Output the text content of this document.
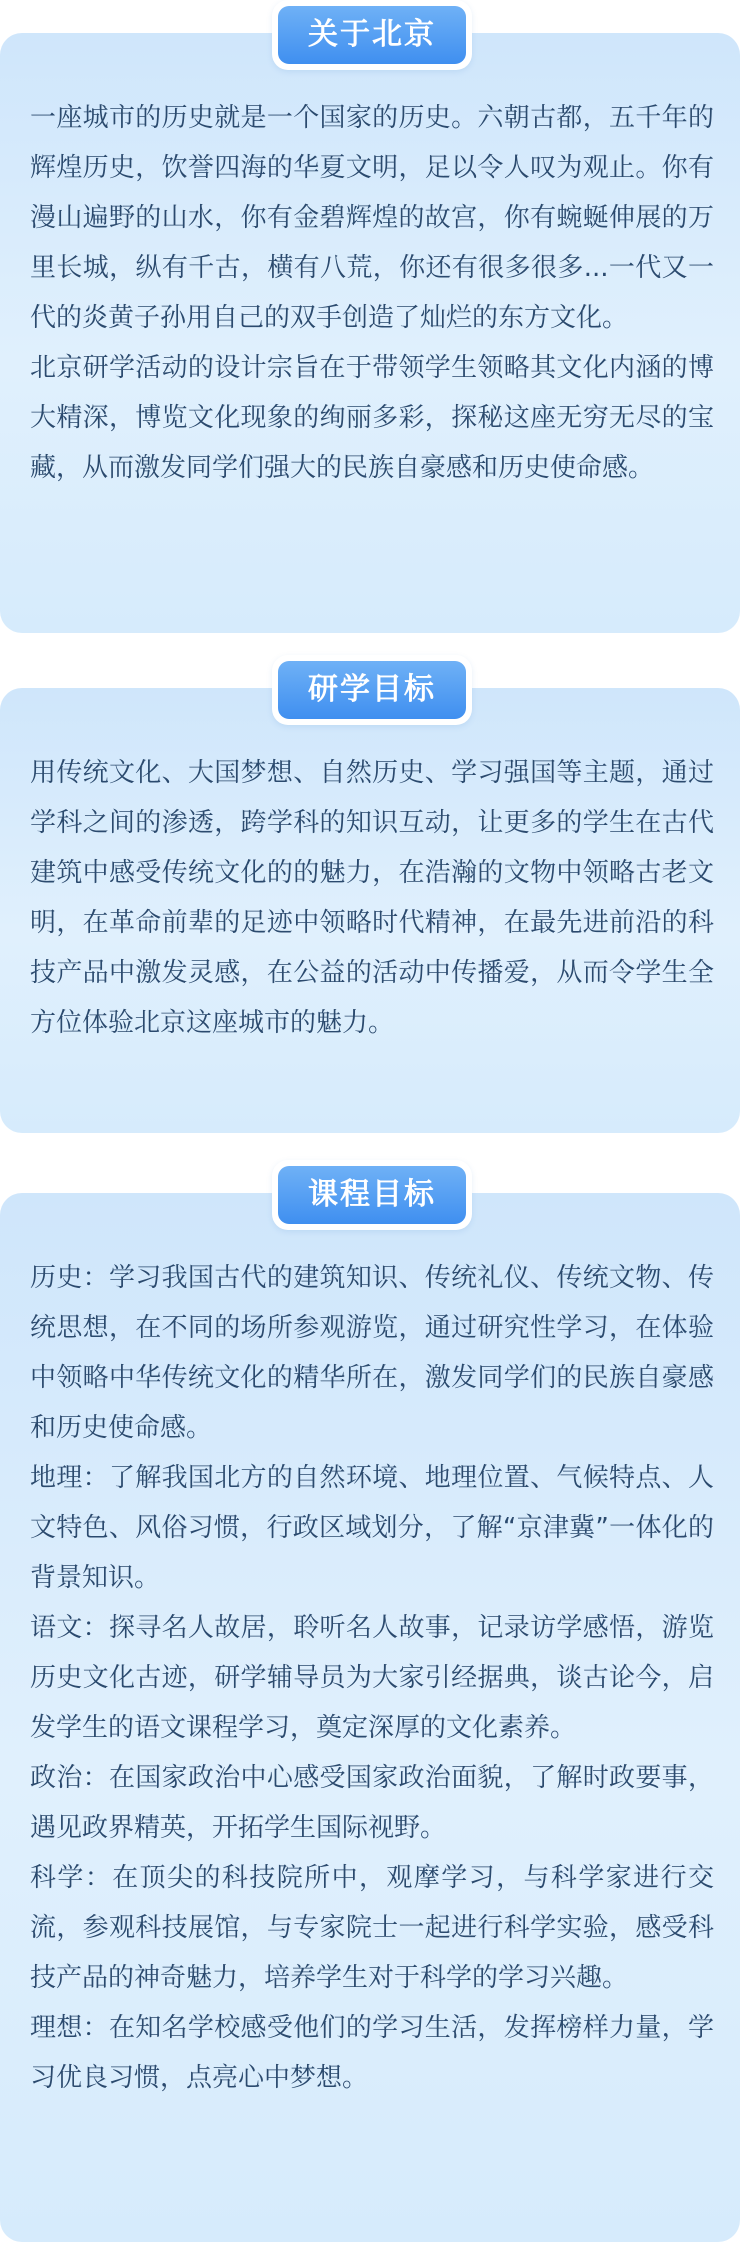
关于北京
一座城市的历史就是一个国家的历史。六朝古都，五千年的辉煌历史，饮誉四海的华夏文明，足以令人叹为观止。你有漫山遍野的山水，你有金碧辉煌的故宫，你有蜿蜒伸展的万里长城，纵有千古，横有八荒，你还有很多很多...一代又一代的炎黄子孙用自己的双手创造了灿烂的东方文化。
北京研学活动的设计宗旨在于带领学生领略其文化内涵的博大精深，博览文化现象的绚丽多彩，探秘这座无穷无尽的宝藏，从而激发同学们强大的民族自豪感和历史使命感。
研学目标
用传统文化、大国梦想、自然历史、学习强国等主题，通过学科之间的渗透，跨学科的知识互动，让更多的学生在古代建筑中感受传统文化的的魅力，在浩瀚的文物中领略古老文明，在革命前辈的足迹中领略时代精神，在最先进前沿的科技产品中激发灵感，在公益的活动中传播爱，从而令学生全方位体验北京这座城市的魅力。
课程目标
历史：学习我国古代的建筑知识、传统礼仪、传统文物、传统思想，在不同的场所参观游览，通过研究性学习，在体验中领略中华传统文化的精华所在，激发同学们的民族自豪感和历史使命感。
地理：了解我国北方的自然环境、地理位置、气候特点、人文特色、风俗习惯，行政区域划分，了解“京津冀”一体化的背景知识。
语文：探寻名人故居，聆听名人故事，记录访学感悟，游览历史文化古迹，研学辅导员为大家引经据典，谈古论今，启发学生的语文课程学习，奠定深厚的文化素养。
政治：在国家政治中心感受国家政治面貌，了解时政要事，遇见政界精英，开拓学生国际视野。
科学：在顶尖的科技院所中，观摩学习，与科学家进行交流，参观科技展馆，与专家院士一起进行科学实验，感受科技产品的神奇魅力，培养学生对于科学的学习兴趣。
理想：在知名学校感受他们的学习生活，发挥榜样力量，学习优良习惯，点亮心中梦想。
